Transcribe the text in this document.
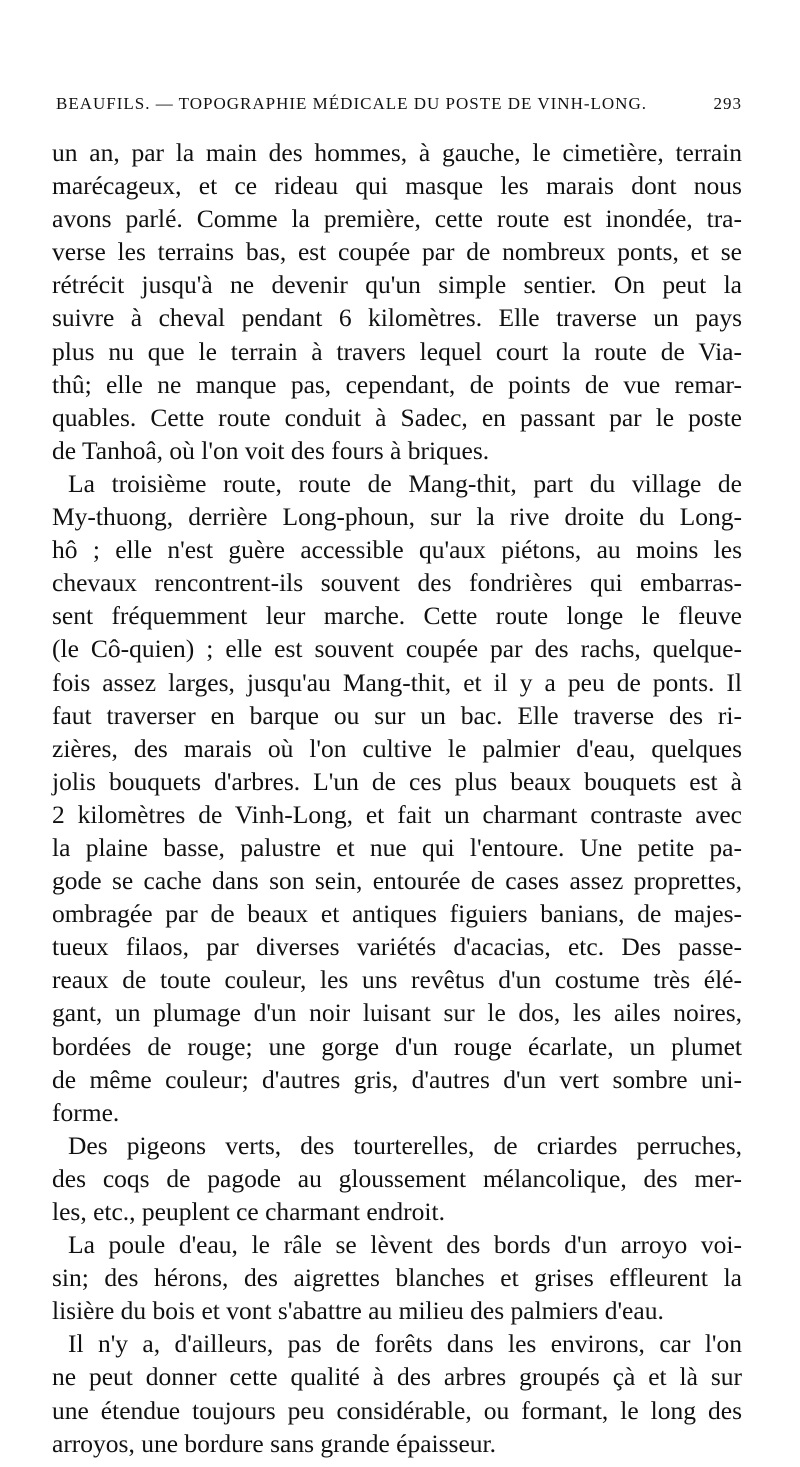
BEAUFILS. — TOPOGRAPHIE MÉDICALE DU POSTE DE VINH-LONG.	293
un an, par la main des hommes, à gauche, le cimetière, terrain
marécageux, et ce rideau qui masque les marais dont nous
avons parlé. Comme la première, cette route est inondée, tra-
verse les terrains bas, est coupée par de nombreux ponts, et se
rétrécit jusqu'à ne devenir qu'un simple sentier. On peut la
suivre à cheval pendant 6 kilomètres. Elle traverse un pays
plus nu que le terrain à travers lequel court la route de Via-
thû; elle ne manque pas, cependant, de points de vue remar-
quables. Cette route conduit à Sadec, en passant par le poste
de Tanhoâ, où l'on voit des fours à briques.
La troisième route, route de Mang-thit, part du village de
My-thuong, derrière Long-phoun, sur la rive droite du Long-
hô ; elle n'est guère accessible qu'aux piétons, au moins les
chevaux rencontrent-ils souvent des fondrières qui embarras-
sent fréquemment leur marche. Cette route longe le fleuve
(le Cô-quien) ; elle est souvent coupée par des rachs, quelque-
fois assez larges, jusqu'au Mang-thit, et il y a peu de ponts. Il
faut traverser en barque ou sur un bac. Elle traverse des ri-
zières, des marais où l'on cultive le palmier d'eau, quelques
jolis bouquets d'arbres. L'un de ces plus beaux bouquets est à
2 kilomètres de Vinh-Long, et fait un charmant contraste avec
la plaine basse, palustre et nue qui l'entoure. Une petite pa-
gode se cache dans son sein, entourée de cases assez proprettes,
ombragée par de beaux et antiques figuiers banians, de majes-
tueux filaos, par diverses variétés d'acacias, etc. Des passe-
reaux de toute couleur, les uns revêtus d'un costume très élé-
gant, un plumage d'un noir luisant sur le dos, les ailes noires,
bordées de rouge; une gorge d'un rouge écarlate, un plumet
de même couleur; d'autres gris, d'autres d'un vert sombre uni-
forme.
Des pigeons verts, des tourterelles, de criardes perruches,
des coqs de pagode au gloussement mélancolique, des mer-
les, etc., peuplent ce charmant endroit.
La poule d'eau, le râle se lèvent des bords d'un arroyo voi-
sin; des hérons, des aigrettes blanches et grises effleurent la
lisière du bois et vont s'abattre au milieu des palmiers d'eau.
Il n'y a, d'ailleurs, pas de forêts dans les environs, car l'on
ne peut donner cette qualité à des arbres groupés çà et là sur
une étendue toujours peu considérable, ou formant, le long des
arroyos, une bordure sans grande épaisseur.
